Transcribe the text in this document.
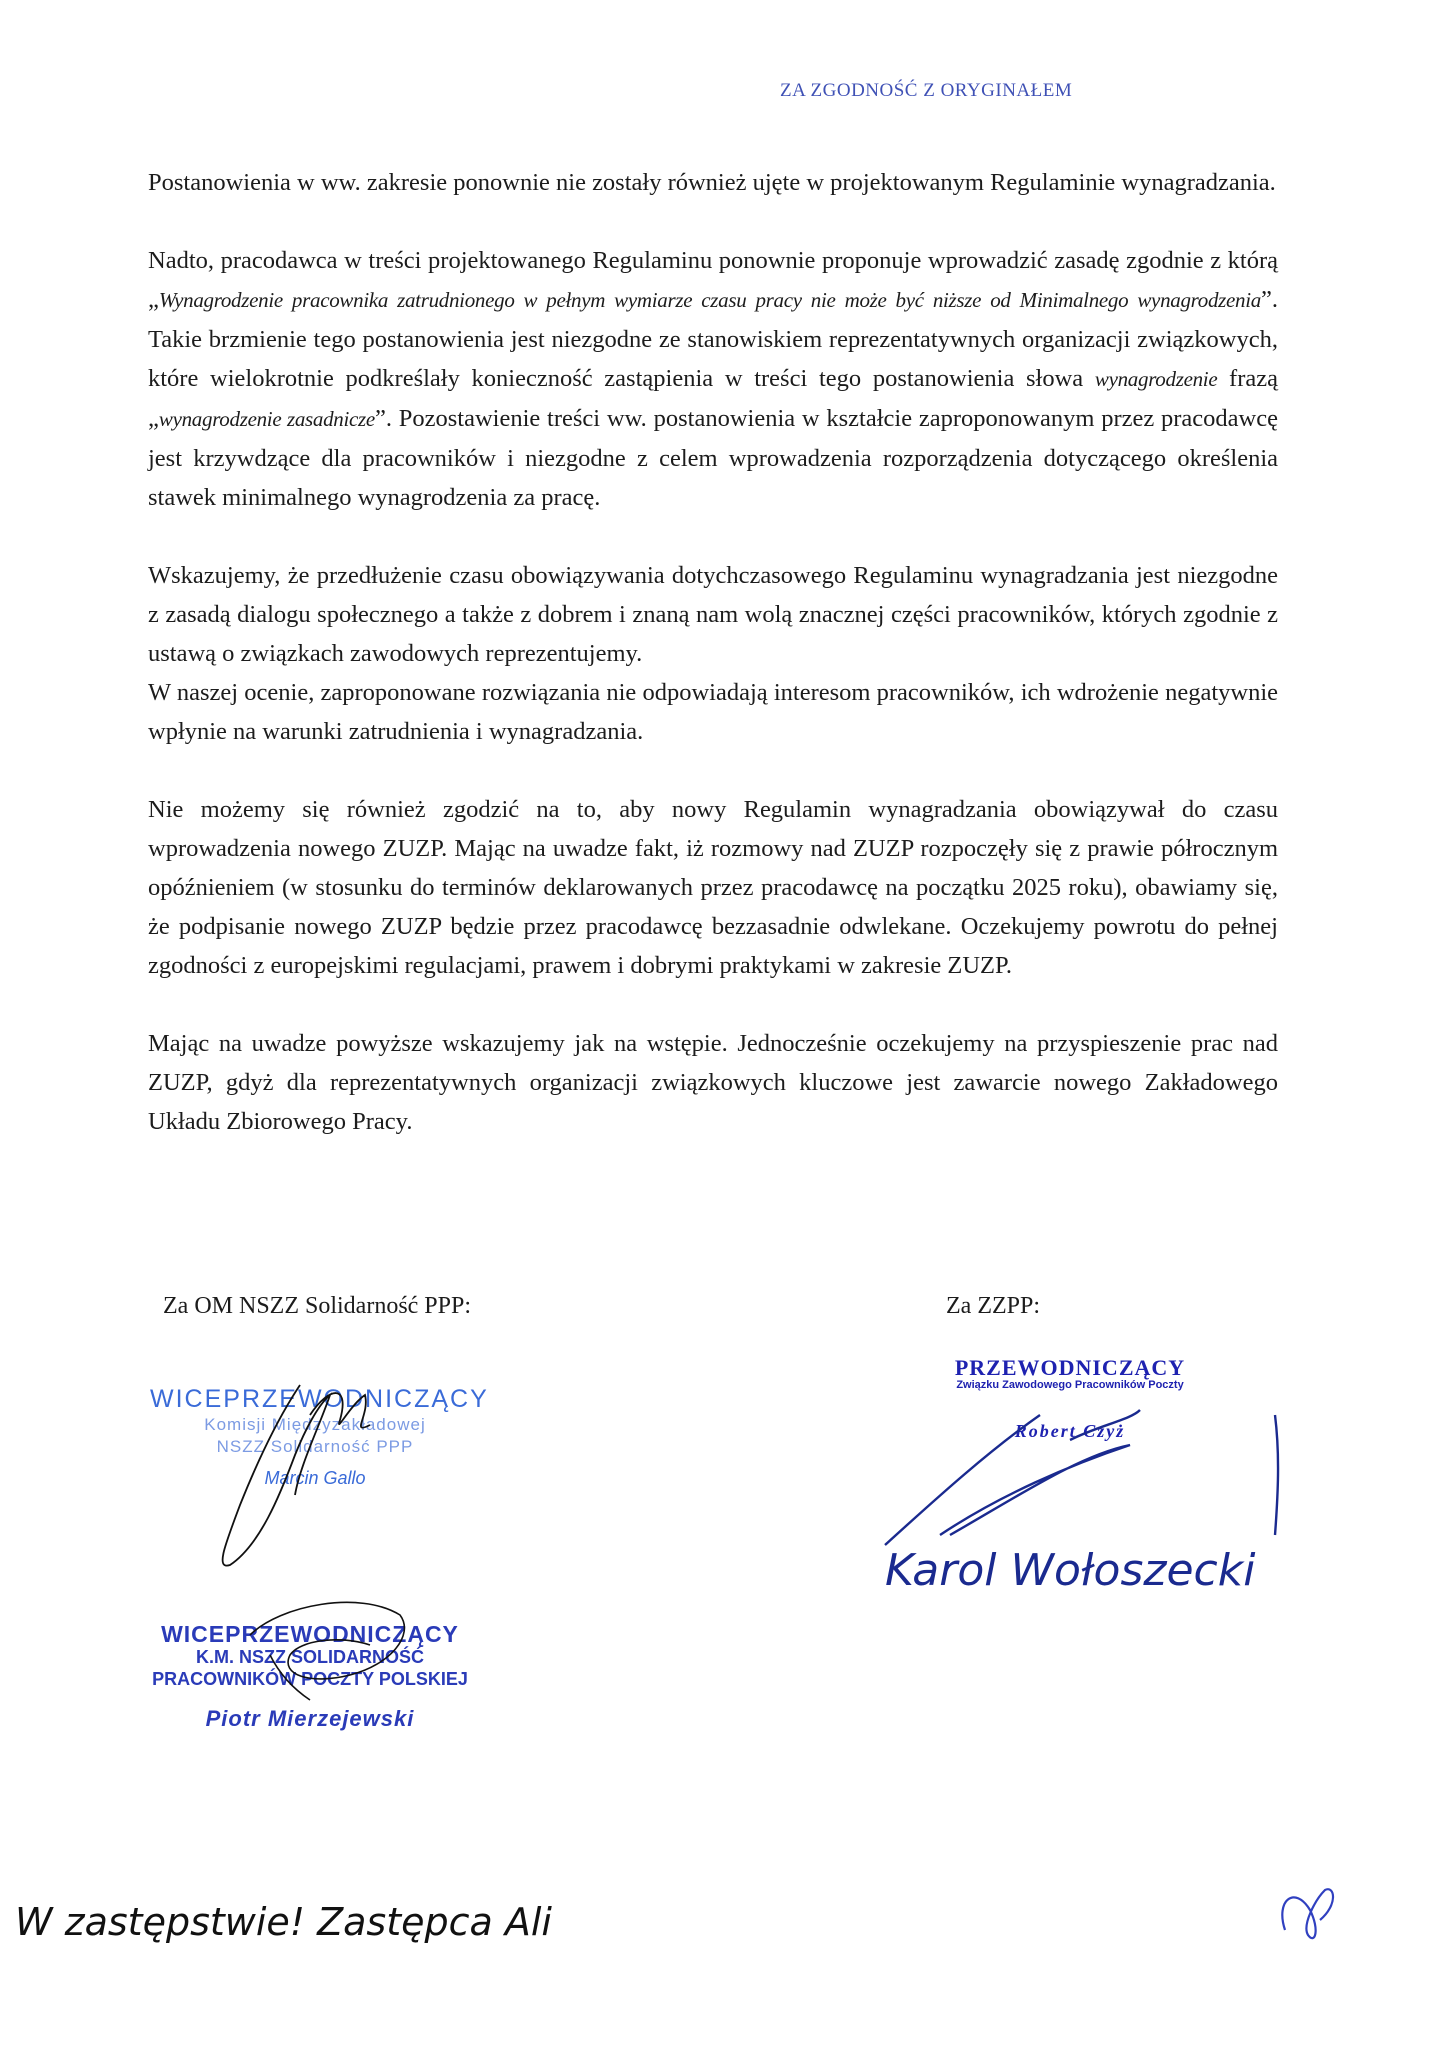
ZA ZGODNOŚĆ Z ORYGINAŁEM

Postanowienia w ww. zakresie ponownie nie zostały również ujęte w projektowanym Regulaminie wynagradzania.

Nadto, pracodawca w treści projektowanego Regulaminu ponownie proponuje wprowadzić zasadę zgodnie z którą „Wynagrodzenie pracownika zatrudnionego w pełnym wymiarze czasu pracy nie może być niższe od Minimalnego wynagrodzenia”. Takie brzmienie tego postanowienia jest niezgodne ze stanowiskiem reprezentatywnych organizacji związkowych, które wielokrotnie podkreślały konieczność zastąpienia w treści tego postanowienia słowa wynagrodzenie frazą „wynagrodzenie zasadnicze”. Pozostawienie treści ww. postanowienia w kształcie zaproponowanym przez pracodawcę jest krzywdzące dla pracowników i niezgodne z celem wprowadzenia rozporządzenia dotyczącego określenia stawek minimalnego wynagrodzenia za pracę.

Wskazujemy, że przedłużenie czasu obowiązywania dotychczasowego Regulaminu wynagradzania jest niezgodne z zasadą dialogu społecznego a także z dobrem i znaną nam wolą znacznej części pracowników, których zgodnie z ustawą o związkach zawodowych reprezentujemy.

W naszej ocenie, zaproponowane rozwiązania nie odpowiadają interesom pracowników, ich wdrożenie negatywnie wpłynie na warunki zatrudnienia i wynagradzania.

Nie możemy się również zgodzić na to, aby nowy Regulamin wynagradzania obowiązywał do czasu wprowadzenia nowego ZUZP. Mając na uwadze fakt, iż rozmowy nad ZUZP rozpoczęły się z prawie półrocznym opóźnieniem (w stosunku do terminów deklarowanych przez pracodawcę na początku 2025 roku), obawiamy się, że podpisanie nowego ZUZP będzie przez pracodawcę bezzasadnie odwlekane. Oczekujemy powrotu do pełnej zgodności z europejskimi regulacjami, prawem i dobrymi praktykami w zakresie ZUZP.

Mając na uwadze powyższe wskazujemy jak na wstępie. Jednocześnie oczekujemy na przyspieszenie prac nad ZUZP, gdyż dla reprezentatywnych organizacji związkowych kluczowe jest zawarcie nowego Zakładowego Układu Zbiorowego Pracy.

Za OM NSZZ Solidarność PPP:	Za ZZPP:
WICEPRZEWODNICZĄCY
Komisji Międzyzakładowej
NSZZ Solidarność PPP
Marcin Gallo
WICEPRZEWODNICZĄCY
K.M. NSZZ SOLIDARNOŚĆ
PRACOWNIKÓW POCZTY POLSKIEJ
Piotr Mierzejewski
PRZEWODNICZĄCY
Związku Zawodowego Pracowników Poczty
Robert Czyż
Karol Wołoszecki
W zastępstwie! Zastępca Ali
